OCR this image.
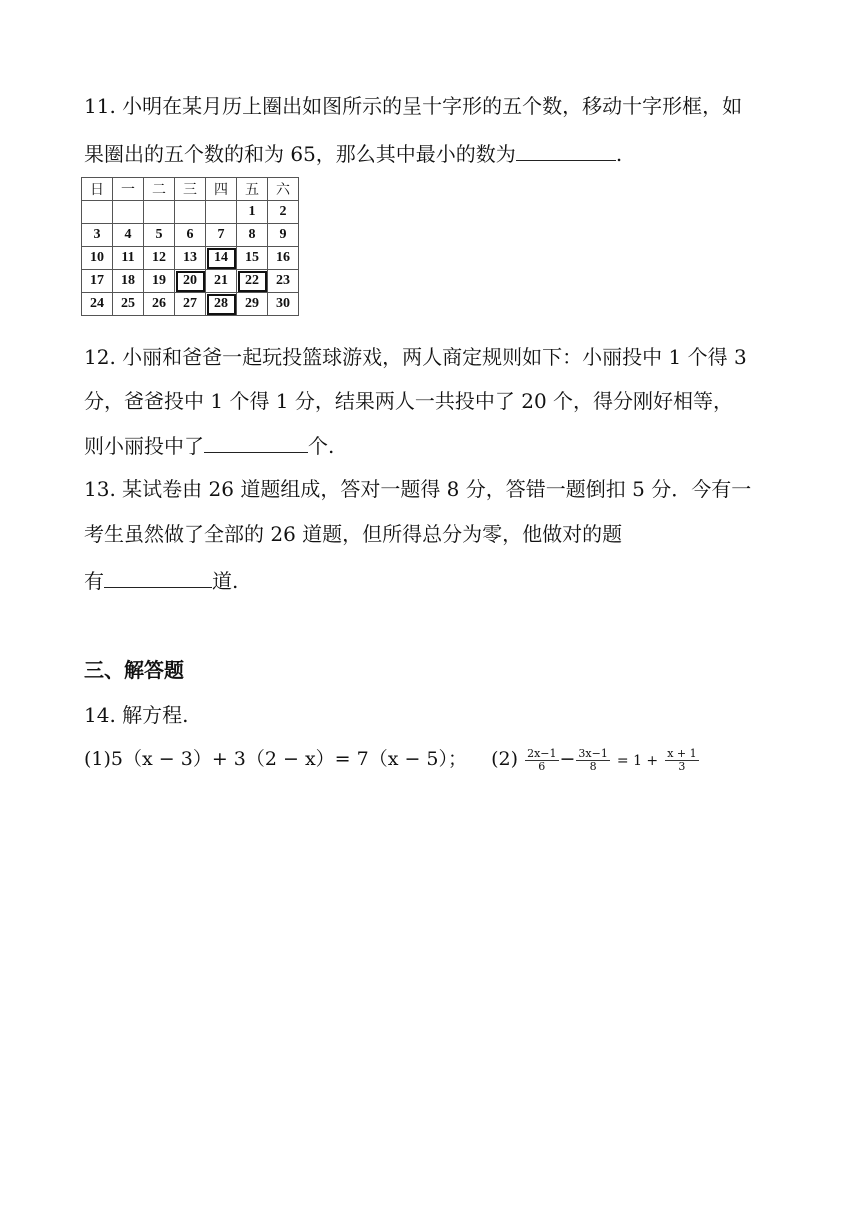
11. 小明在某月历上圈出如图所示的呈十字形的五个数，移动十字形框，如
果圈出的五个数的和为 65，那么其中最小的数为	.
日	一	二	三	四	五	六
					1	2
3	4	5	6	7	8	9
10	11	12	13	14	15	16
17	18	19	20	21	22	23
24	25	26	27	28	29	30
12. 小丽和爸爸一起玩投篮球游戏，两人商定规则如下：小丽投中 1 个得 3
分，爸爸投中 1 个得 1 分，结果两人一共投中了 20 个，得分刚好相等，
则小丽投中了	个.
13. 某试卷由 26 道题组成，答对一题得 8 分，答错一题倒扣 5 分．今有一
考生虽然做了全部的 26 道题，但所得总分为零，他做对的题
有	道.
三、解答题
14. 解方程.
(1)5（x − 3）+ 3（2 − x）= 7（x − 5）； $(2) \frac{2x-1}{6} - \frac{3x-1}{8} = 1 + \frac{x + 1}{3}$
